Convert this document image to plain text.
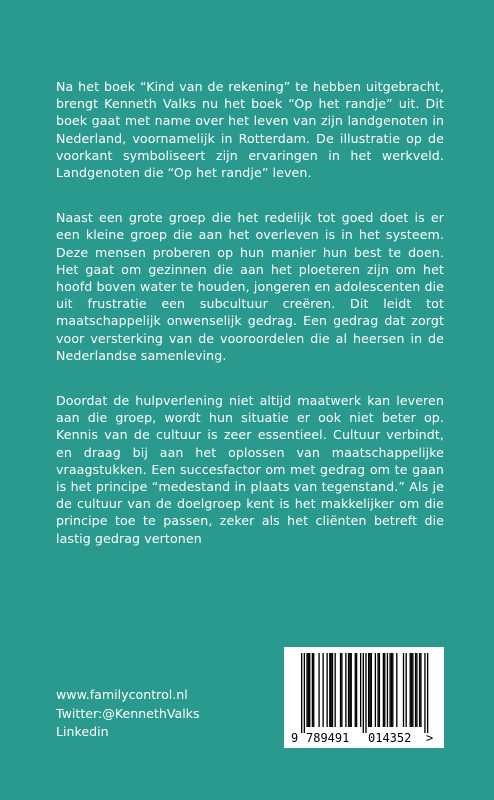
Na het boek “Kind van de rekening” te hebben uitgebracht, brengt Kenneth Valks nu het boek “Op het randje” uit. Dit boek gaat met name over het leven van zijn landgenoten in Nederland, voornamelijk in Rotterdam. De illustratie op de voorkant symboliseert zijn ervaringen in het werkveld. Landgenoten die “Op het randje” leven.

Naast een grote groep die het redelijk tot goed doet is er een kleine groep die aan het overleven is in het systeem. Deze mensen proberen op hun manier hun best te doen. Het gaat om gezinnen die aan het ploeteren zijn om het hoofd boven water te houden, jongeren en adolescenten die uit frustratie een subcultuur creëren. Dit leidt tot maatschappelijk onwenselijk gedrag. Een gedrag dat zorgt voor versterking van de vooroordelen die al heersen in de Nederlandse samenleving.

Doordat de hulpverlening niet altijd maatwerk kan leveren aan die groep, wordt hun situatie er ook niet beter op. Kennis van de cultuur is zeer essentieel. Cultuur verbindt, en draag bij aan het oplossen van maatschappelijke vraagstukken. Een succesfactor om met gedrag om te gaan is het principe “medestand in plaats van tegenstand.” Als je de cultuur van de doelgroep kent is het makkelijker om die principe toe te passen, zeker als het cliënten betreft die lastig gedrag vertonen

www.familycontrol.nl
Twitter:@KennethValks
Linkedin	9 789491 014352 >
